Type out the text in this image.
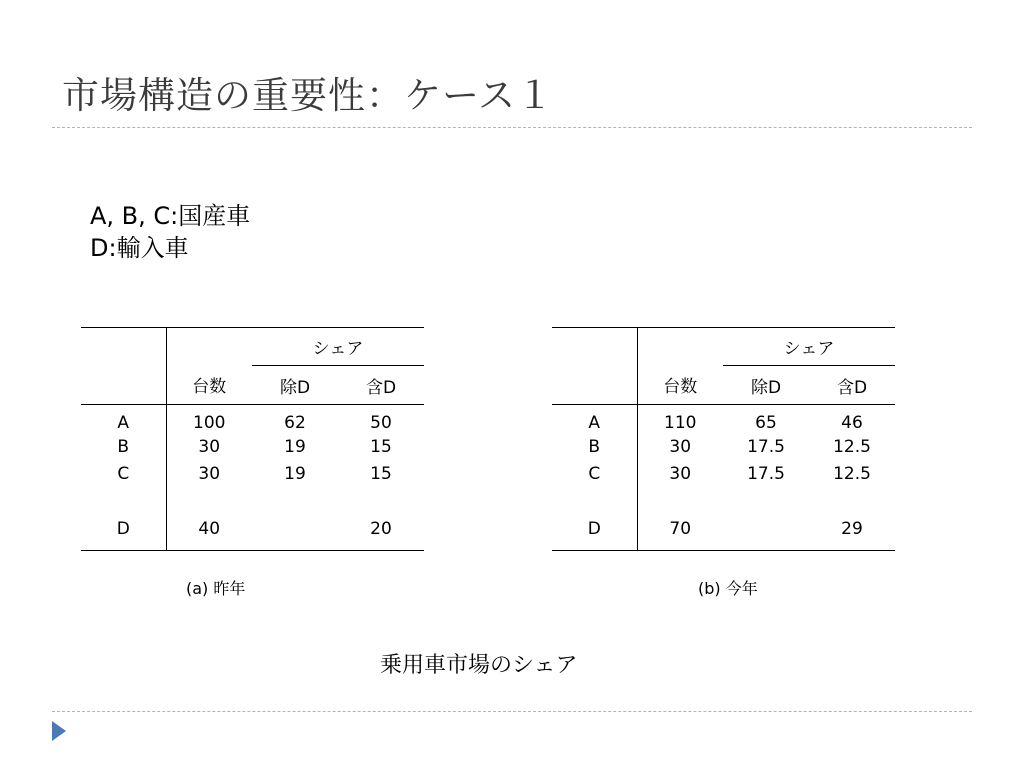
市場構造の重要性：ケース１
A, B, C:国産車
D:輸入車
		シェア	
	台数	除D	含D
A	100	62	50
B	30	19	15
C	30	19	15

D	40		20
		シェア	
	台数	除D	含D
A	110	65	46
B	30	17.5	12.5
C	30	17.5	12.5

D	70		29
(a) 昨年	(b) 今年
乗用車市場のシェア
